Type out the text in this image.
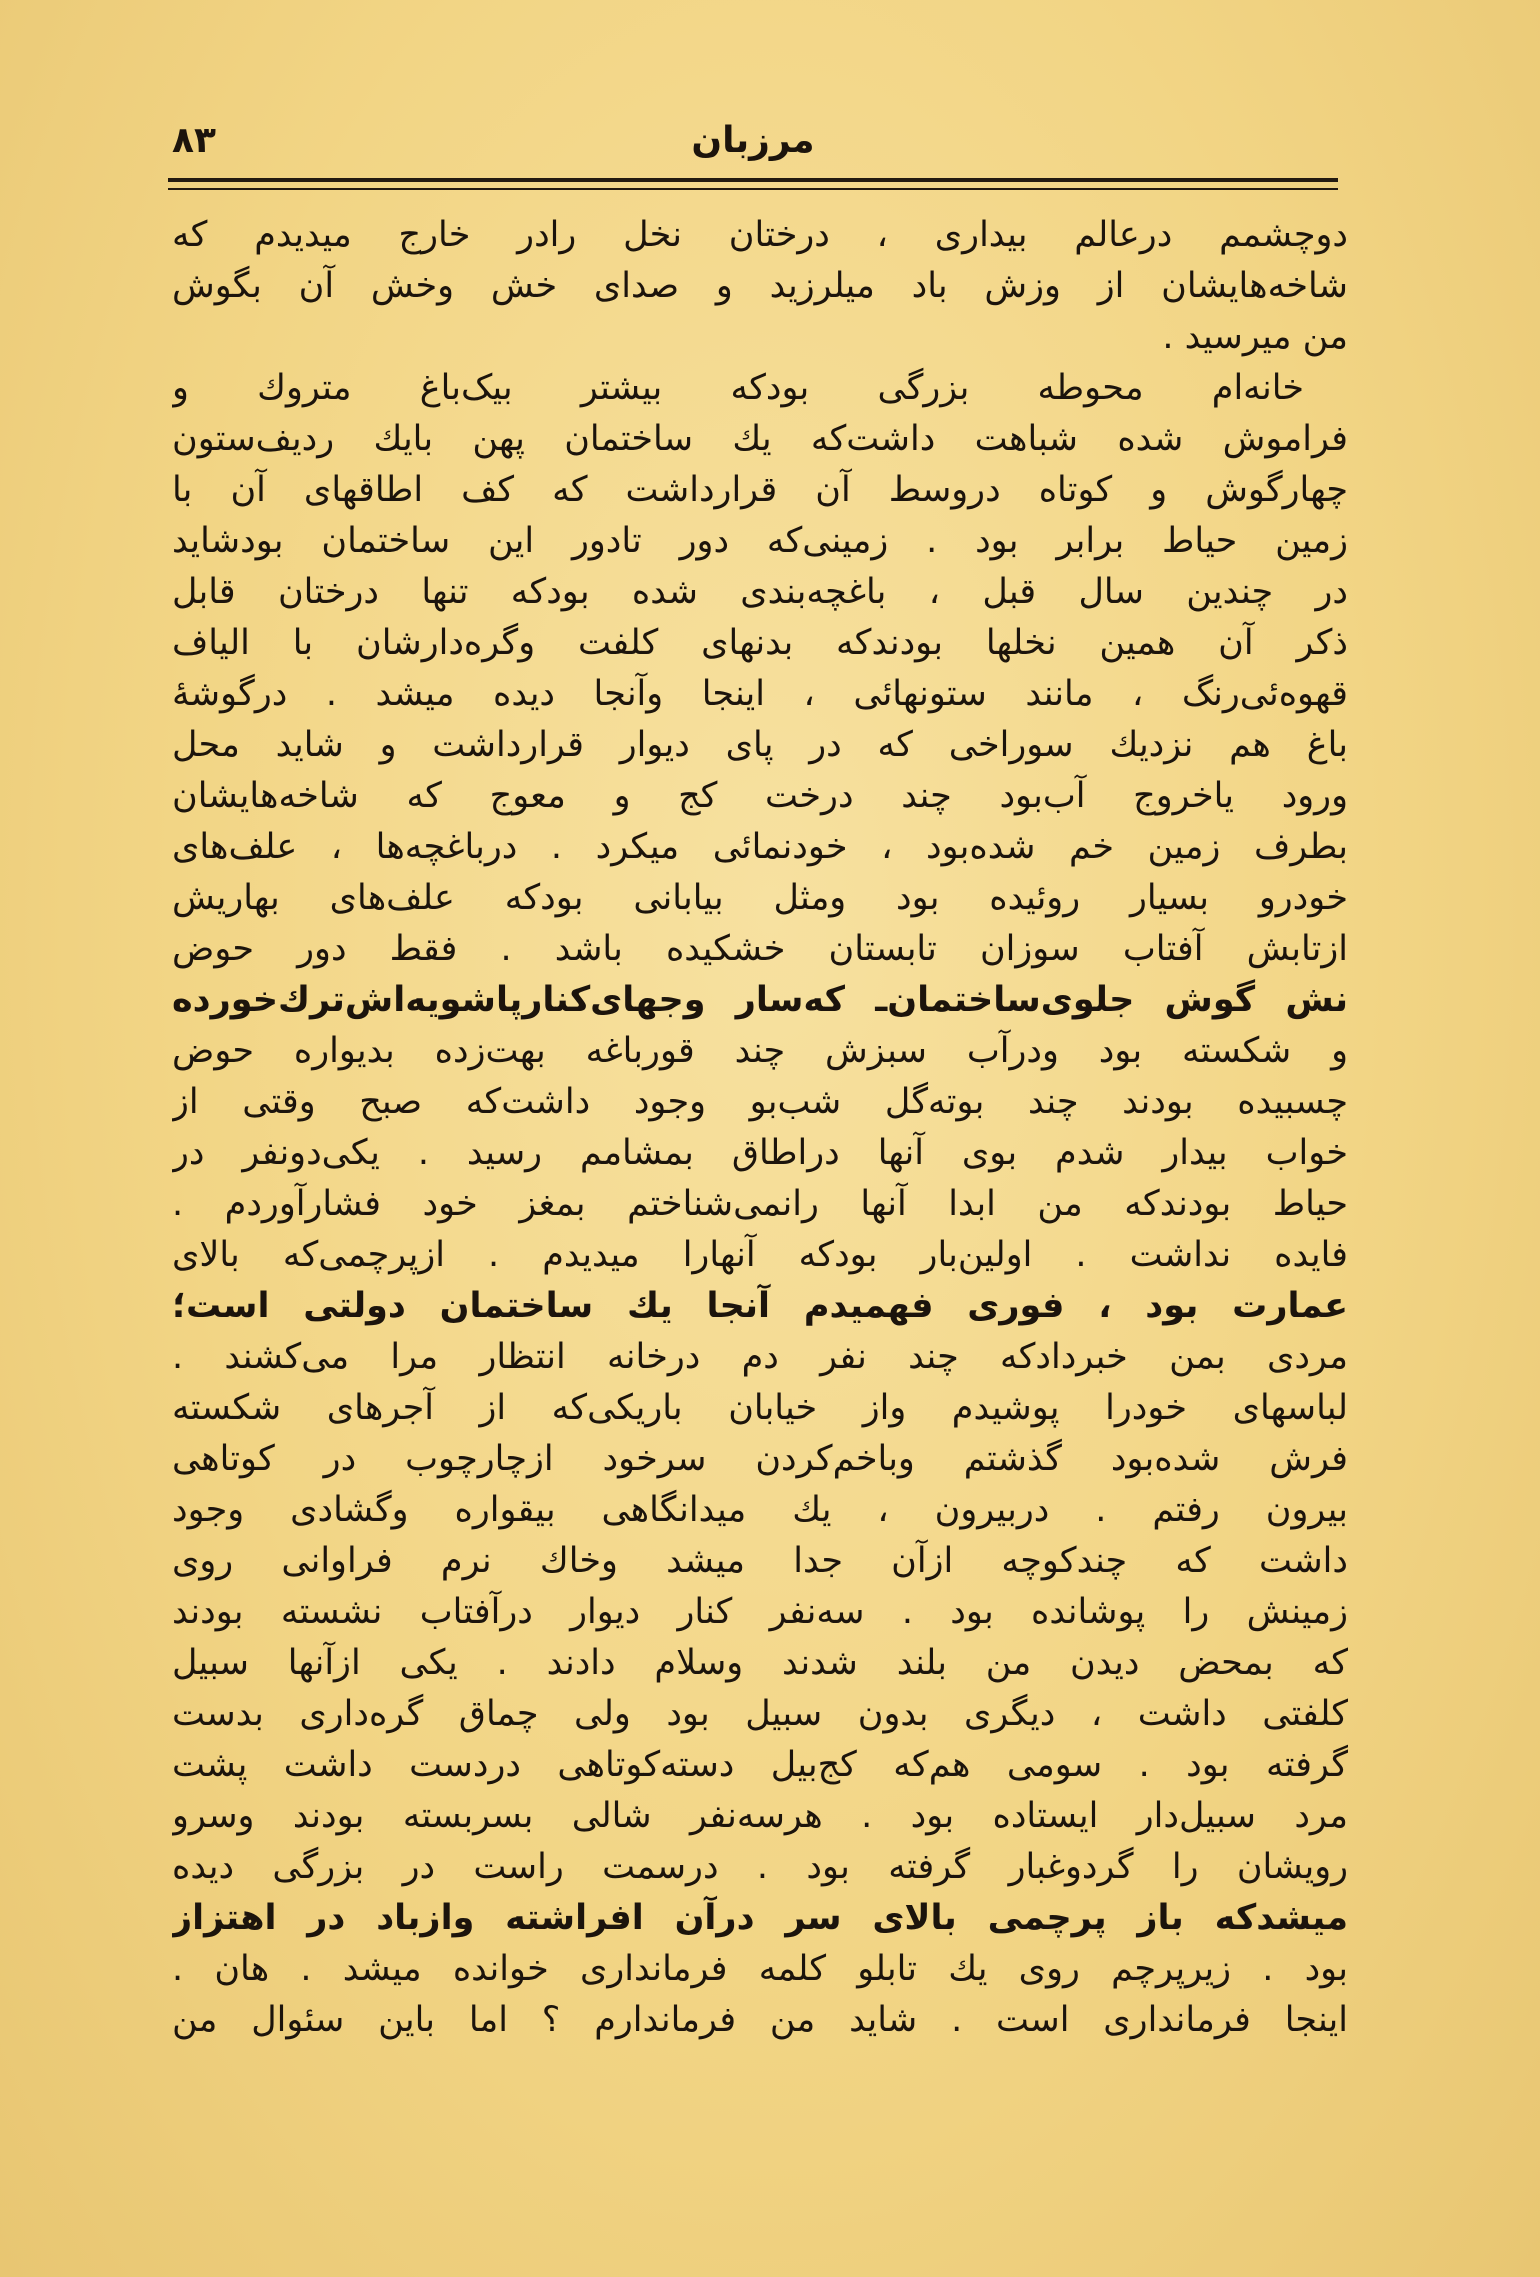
۸۳	مرزبان
دوچشمم درعالم بیداری ، درختان نخل رادر خارج میدیدم که
شاخه‌هایشان از وزش باد میلرزید و صدای خش وخش آن بگوش
من میرسید .
خانه‌ام محوطه بزرگی بودکه بیشتر بیک‌باغ متروك و
فراموش شده شباهت داشت‌که یك ساختمان پهن بایك ردیف‌ستون
چهارگوش و کوتاه دروسط آن قرارداشت که کف اطاقهای آن با
زمین حیاط برابر بود . زمینی‌که دور تادور این ساختمان بودشاید
در چندین سال قبل ، باغچه‌بندی شده بودکه تنها درختان قابل
ذکر آن همین نخلها بودندکه بدنهای کلفت وگره‌دارشان با الیاف
قهوه‌ئی‌رنگ ، مانند ستونهائی ، اینجا وآنجا دیده میشد . درگوشهٔ
باغ هم نزدیك سوراخی که در پای دیوار قرارداشت و شاید محل
ورود یاخروج آب‌بود چند درخت کج و معوج که شاخه‌هایشان
بطرف زمین خم شده‌بود ، خودنمائی میکرد . درباغچه‌ها ، علف‌های
خودرو بسیار روئیده بود ومثل بیابانی بودکه علف‌های بهاریش
ازتابش آفتاب سوزان تابستان خشکیده باشد . فقط دور حوض
نش گوش جلوی‌ساختمان‌ـ که‌سار وجهای‌کنارپاشویه‌اش‌ترك‌خورده
و شکسته بود ودرآب سبزش چند قورباغه بهت‌زده بدیواره حوض
چسبیده بودند چند بوته‌گل شب‌بو وجود داشت‌که صبح وقتی از
خواب بیدار شدم بوی آنها دراطاق بمشامم رسید . یکی‌دونفر در
حیاط بودندکه من ابدا آنها رانمی‌شناختم بمغز خود فشارآوردم .
فایده نداشت . اولین‌بار بودکه آنهارا میدیدم . ازپرچمی‌که بالای
عمارت بود ، فوری فهمیدم آنجا یك ساختمان دولتی است؛
مردی بمن خبردادکه چند نفر دم درخانه انتظار مرا می‌کشند .
لباسهای خودرا پوشیدم واز خیابان باریکی‌که از آجرهای شکسته
فرش شده‌بود گذشتم وباخم‌کردن سرخود ازچارچوب در کوتاهی
بیرون رفتم . دربیرون ، یك میدانگاهی بیقواره وگشادی وجود
داشت که چندکوچه ازآن جدا میشد وخاك نرم فراوانی روی
زمینش را پوشانده بود . سه‌نفر کنار دیوار درآفتاب نشسته بودند
که بمحض دیدن من بلند شدند وسلام دادند . یکی ازآنها سبیل
کلفتی داشت ، دیگری بدون سبیل بود ولی چماق گره‌داری بدست
گرفته بود . سومی هم‌که کج‌بیل دسته‌کوتاهی دردست داشت پشت
مرد سبیل‌دار ایستاده بود . هرسه‌نفر شالی بسربسته بودند وسرو
رویشان را گردوغبار گرفته بود . درسمت راست در بزرگی دیده
میشدکه باز پرچمی بالای سر درآن افراشته وازباد در اهتزاز
بود . زیرپرچم روی یك تابلو کلمه فرمانداری خوانده میشد . هان .
اینجا فرمانداری است . شاید من فرماندارم ؟ اما باین سئوال من
